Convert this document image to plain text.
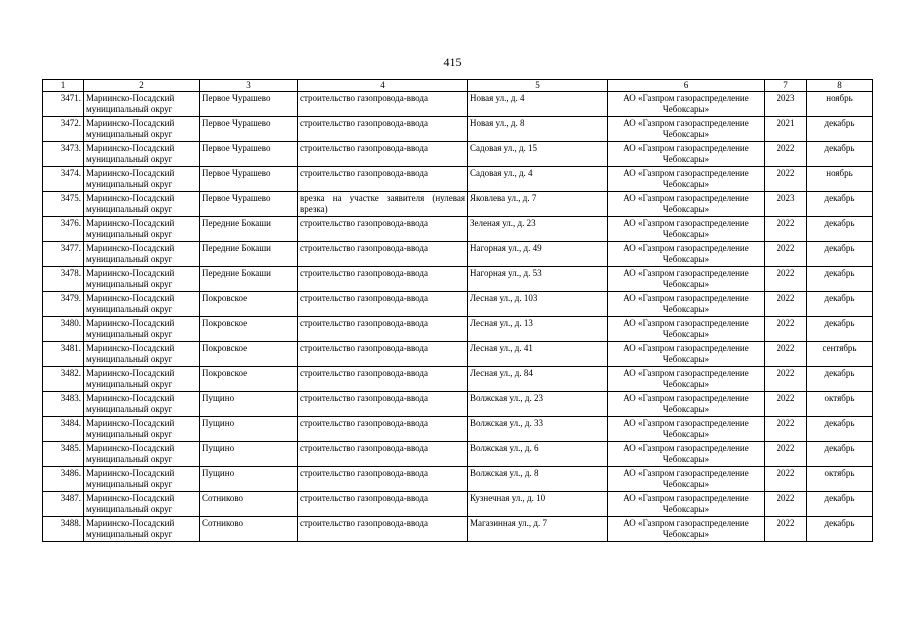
415
1	2	3	4	5	6	7	8
3471.	Мариинско-Посадский муниципальный округ	Первое Чурашево	строительство газопровода-ввода	Новая ул., д. 4	АО «Газпром газораспределение Чебоксары»	2023	ноябрь
3472.	Мариинско-Посадский муниципальный округ	Первое Чурашево	строительство газопровода-ввода	Новая ул., д. 8	АО «Газпром газораспределение Чебоксары»	2021	декабрь
3473.	Мариинско-Посадский муниципальный округ	Первое Чурашево	строительство газопровода-ввода	Садовая ул., д. 15	АО «Газпром газораспределение Чебоксары»	2022	декабрь
3474.	Мариинско-Посадский муниципальный округ	Первое Чурашево	строительство газопровода-ввода	Садовая ул., д. 4	АО «Газпром газораспределение Чебоксары»	2022	ноябрь
3475.	Мариинско-Посадский муниципальный округ	Первое Чурашево	врезка на участке заявителя (нулевая врезка)	Яковлева ул., д. 7	АО «Газпром газораспределение Чебоксары»	2023	декабрь
3476.	Мариинско-Посадский муниципальный округ	Передние Бокаши	строительство газопровода-ввода	Зеленая ул., д. 23	АО «Газпром газораспределение Чебоксары»	2022	декабрь
3477.	Мариинско-Посадский муниципальный округ	Передние Бокаши	строительство газопровода-ввода	Нагорная ул., д. 49	АО «Газпром газораспределение Чебоксары»	2022	декабрь
3478.	Мариинско-Посадский муниципальный округ	Передние Бокаши	строительство газопровода-ввода	Нагорная ул., д. 53	АО «Газпром газораспределение Чебоксары»	2022	декабрь
3479.	Мариинско-Посадский муниципальный округ	Покровское	строительство газопровода-ввода	Лесная ул., д. 103	АО «Газпром газораспределение Чебоксары»	2022	декабрь
3480.	Мариинско-Посадский муниципальный округ	Покровское	строительство газопровода-ввода	Лесная ул., д. 13	АО «Газпром газораспределение Чебоксары»	2022	декабрь
3481.	Мариинско-Посадский муниципальный округ	Покровское	строительство газопровода-ввода	Лесная ул., д. 41	АО «Газпром газораспределение Чебоксары»	2022	сентябрь
3482.	Мариинско-Посадский муниципальный округ	Покровское	строительство газопровода-ввода	Лесная ул., д. 84	АО «Газпром газораспределение Чебоксары»	2022	декабрь
3483.	Мариинско-Посадский муниципальный округ	Пущино	строительство газопровода-ввода	Волжская ул., д. 23	АО «Газпром газораспределение Чебоксары»	2022	октябрь
3484.	Мариинско-Посадский муниципальный округ	Пущино	строительство газопровода-ввода	Волжская ул., д. 33	АО «Газпром газораспределение Чебоксары»	2022	декабрь
3485.	Мариинско-Посадский муниципальный округ	Пущино	строительство газопровода-ввода	Волжская ул., д. 6	АО «Газпром газораспределение Чебоксары»	2022	декабрь
3486.	Мариинско-Посадский муниципальный округ	Пущино	строительство газопровода-ввода	Волжская ул., д. 8	АО «Газпром газораспределение Чебоксары»	2022	октябрь
3487.	Мариинско-Посадский муниципальный округ	Сотниково	строительство газопровода-ввода	Кузнечная ул., д. 10	АО «Газпром газораспределение Чебоксары»	2022	декабрь
3488.	Мариинско-Посадский муниципальный округ	Сотниково	строительство газопровода-ввода	Магазинная ул., д. 7	АО «Газпром газораспределение Чебоксары»	2022	декабрь
